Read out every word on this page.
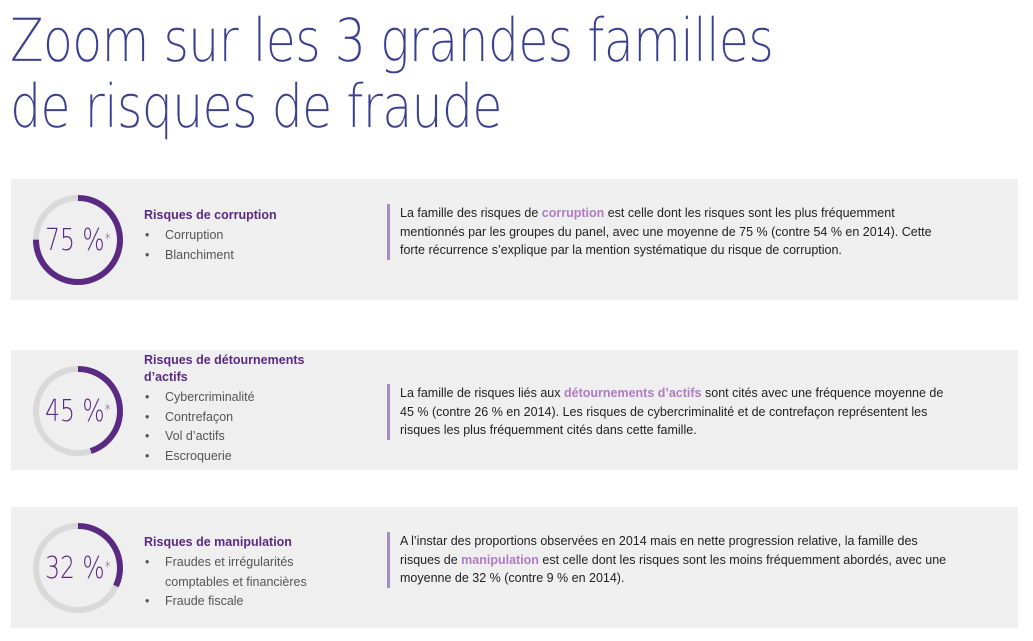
Zoom sur les 3 grandes familles de risques de fraude
75 %*
Risques de corruption
• Corruption
• Blanchiment
La famille des risques de corruption est celle dont les risques sont les plus fréquemment mentionnés par les groupes du panel, avec une moyenne de 75 % (contre 54 % en 2014). Cette forte récurrence s’explique par la mention systématique du risque de corruption.
45 %*
Risques de détournements d’actifs
• Cybercriminalité
• Contrefaçon
• Vol d’actifs
• Escroquerie
La famille de risques liés aux détournements d’actifs sont cités avec une fréquence moyenne de 45 % (contre 26 % en 2014). Les risques de cybercriminalité et de contrefaçon représentent les risques les plus fréquemment cités dans cette famille.
32 %*
Risques de manipulation
• Fraudes et irrégularités comptables et financières
• Fraude fiscale
A l’instar des proportions observées en 2014 mais en nette progression relative, la famille des risques de manipulation est celle dont les risques sont les moins fréquemment abordés, avec une moyenne de 32 % (contre 9 % en 2014).
